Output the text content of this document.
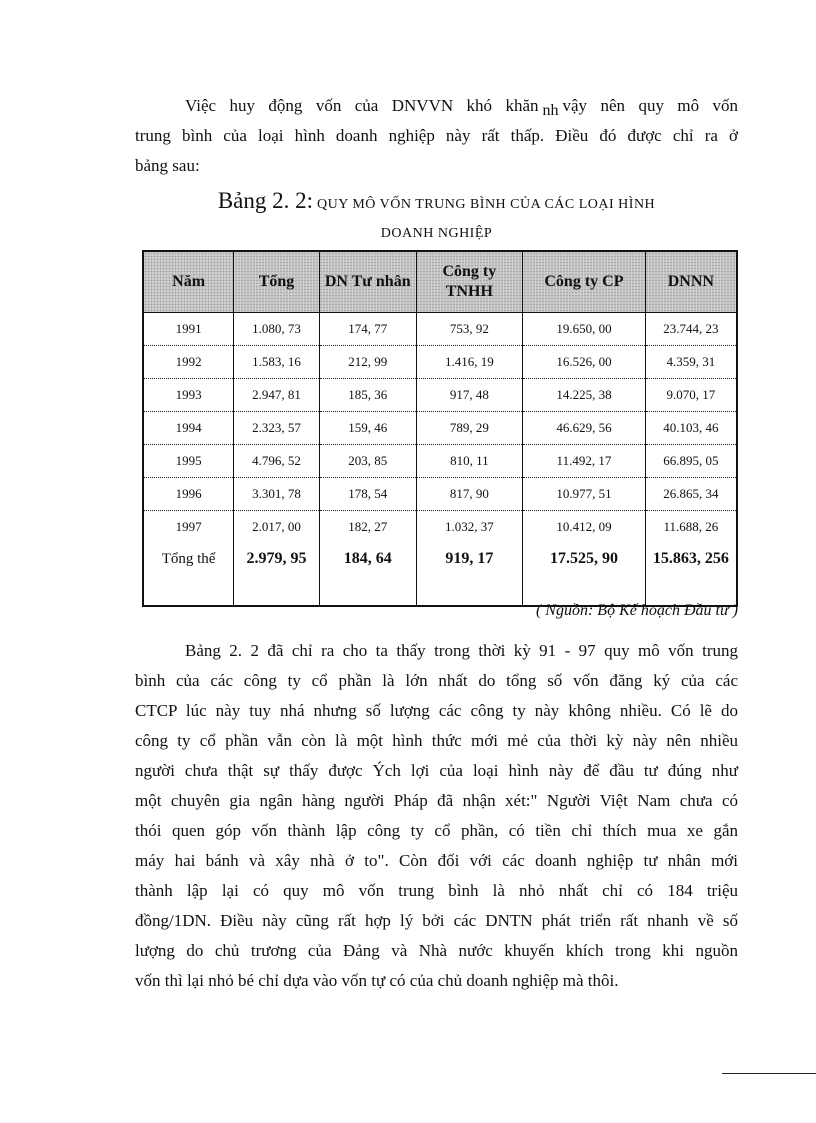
Việc huy động vốn của DNVVN khó khăn nh vậy nên quy mô vốn
trung bình của loại hình doanh nghiệp này rất thấp. Điều đó được chỉ ra ở
bảng sau:
Bảng 2. 2: QUY MÔ VỐN TRUNG BÌNH CỦA CÁC LOẠI HÌNH
DOANH NGHIỆP
Năm	Tổng	DN Tư nhân	Công ty TNHH	Công ty CP	DNNN
1991	1.080, 73	174, 77	753, 92	19.650, 00	23.744, 23
1992	1.583, 16	212, 99	1.416, 19	16.526, 00	4.359, 31
1993	2.947, 81	185, 36	917, 48	14.225, 38	9.070, 17
1994	2.323, 57	159, 46	789, 29	46.629, 56	40.103, 46
1995	4.796, 52	203, 85	810, 11	11.492, 17	66.895, 05
1996	3.301, 78	178, 54	817, 90	10.977, 51	26.865, 34
1997	2.017, 00	182, 27	1.032, 37	10.412, 09	11.688, 26
Tổng thể	2.979, 95	184, 64	919, 17	17.525, 90	15.863, 256

( Nguồn: Bộ Kế hoạch Đầu tư )

Bảng 2. 2 đã chỉ ra cho ta thấy trong thời kỳ 91 - 97 quy mô vốn trung
bình của các công ty cổ phần là lớn nhất do tổng số vốn đăng ký của các
CTCP lúc này tuy nhá nhưng số lượng các công ty này không nhiều. Có lẽ do
công ty cổ phần vẫn còn là một hình thức mới mẻ của thời kỳ này nên nhiều
người chưa thật sự thấy được Ých lợi của loại hình này để đầu tư đúng như
một chuyên gia ngân hàng người Pháp đã nhận xét:" Người Việt Nam chưa có
thói quen góp vốn thành lập công ty cổ phần, có tiền chỉ thích mua xe gắn
máy hai bánh và xây nhà ở to". Còn đối với các doanh nghiệp tư nhân mới
thành lập lại có quy mô vốn trung bình là nhỏ nhất chỉ có 184 triệu
đồng/1DN. Điều này cũng rất hợp lý bởi các DNTN phát triển rất nhanh về số
lượng do chủ trương của Đảng và Nhà nước khuyến khích trong khi nguồn
vốn thì lại nhỏ bé chỉ dựa vào vốn tự có của chủ doanh nghiệp mà thôi.
